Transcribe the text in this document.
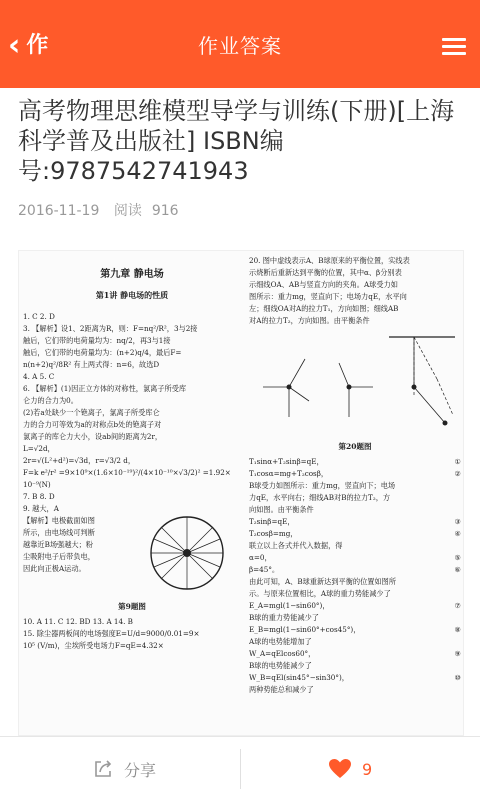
‹ 作	作业答案
高考物理思维模型导学与训练(下册)[上海科学普及出版社] ISBN编号:9787542741943
2016-11-19 阅读 916
第九章 静电场
第1讲 静电场的性质
1. C 2. D
3. 【解析】设1、2距离为R，则：F=nq²/R²，3与2接
触后，它们带的电荷量均为：nq/2，再3与1接
触后，它们带的电荷量均为：(n+2)q/4，最后F=
n(n+2)q²/8R² 有上两式得：n=6，故选D
4. A 5. C
6. 【解析】(1)因正立方体的对称性，氯离子所受库
仑力的合力为0。
(2)若a处缺少一个铯离子，氯离子所受库仑
力的合力可等效为a的对称点b处的铯离子对
氯离子的库仑力大小，设ab间的距离为2r，
L=√2d，
2r=√(L²+d²)=√3d，r=√3/2 d，
F=k e²/r² =9×10⁹×(1.6×10⁻¹⁹)²/(4×10⁻¹⁰×√3/2)² =1.92×
10⁻⁹(N)
7. B 8. D
9. 越大，A
【解析】电极截面如图
所示，由电场线可判断
越靠近B场强越大；粉
尘吸附电子后带负电，
因此向正极A运动。
第9题图
10. A 11. C 12. BD 13. A 14. B
15. 除尘器两板间的电场强度E=U/d=9000/0.01=9×
10⁵ (V/m)，尘埃所受电场力F=qE=4.32×
20. 图中虚线表示A、B球原来的平衡位置，实线表
示烧断后重新达到平衡的位置，其中α、β分别表
示细线OA、AB与竖直方向的夹角。A球受力如
图所示：重力mg，竖直向下；电场力qE，水平向
左；细线OA对A的拉力T₁，方向如图；细线AB
对A的拉力T₂，方向如图。由平衡条件
第20题图
T₁sinα+T₂sinβ=qE，	①
T₁cosα=mg+T₂cosβ，	②
B球受力如图所示：重力mg，竖直向下；电场
力qE，水平向右；细线AB对B的拉力T₂，方
向如图。由平衡条件
T₂sinβ=qE，	③
T₂cosβ=mg，	④
联立以上各式并代入数据，得
α=0，	⑤
β=45°。	⑥
由此可知，A、B球重新达到平衡的位置如图所
示。与原来位置相比，A球的重力势能减少了
E_A=mgl(1−sin60°)，	⑦
B球的重力势能减少了
E_B=mgl(1−sin60°+cos45°)，	⑧
A球的电势能增加了
W_A=qElcos60°，	⑨
B球的电势能减少了
W_B=qEl(sin45°−sin30°)，	⑩
两种势能总和减少了
分享	9
